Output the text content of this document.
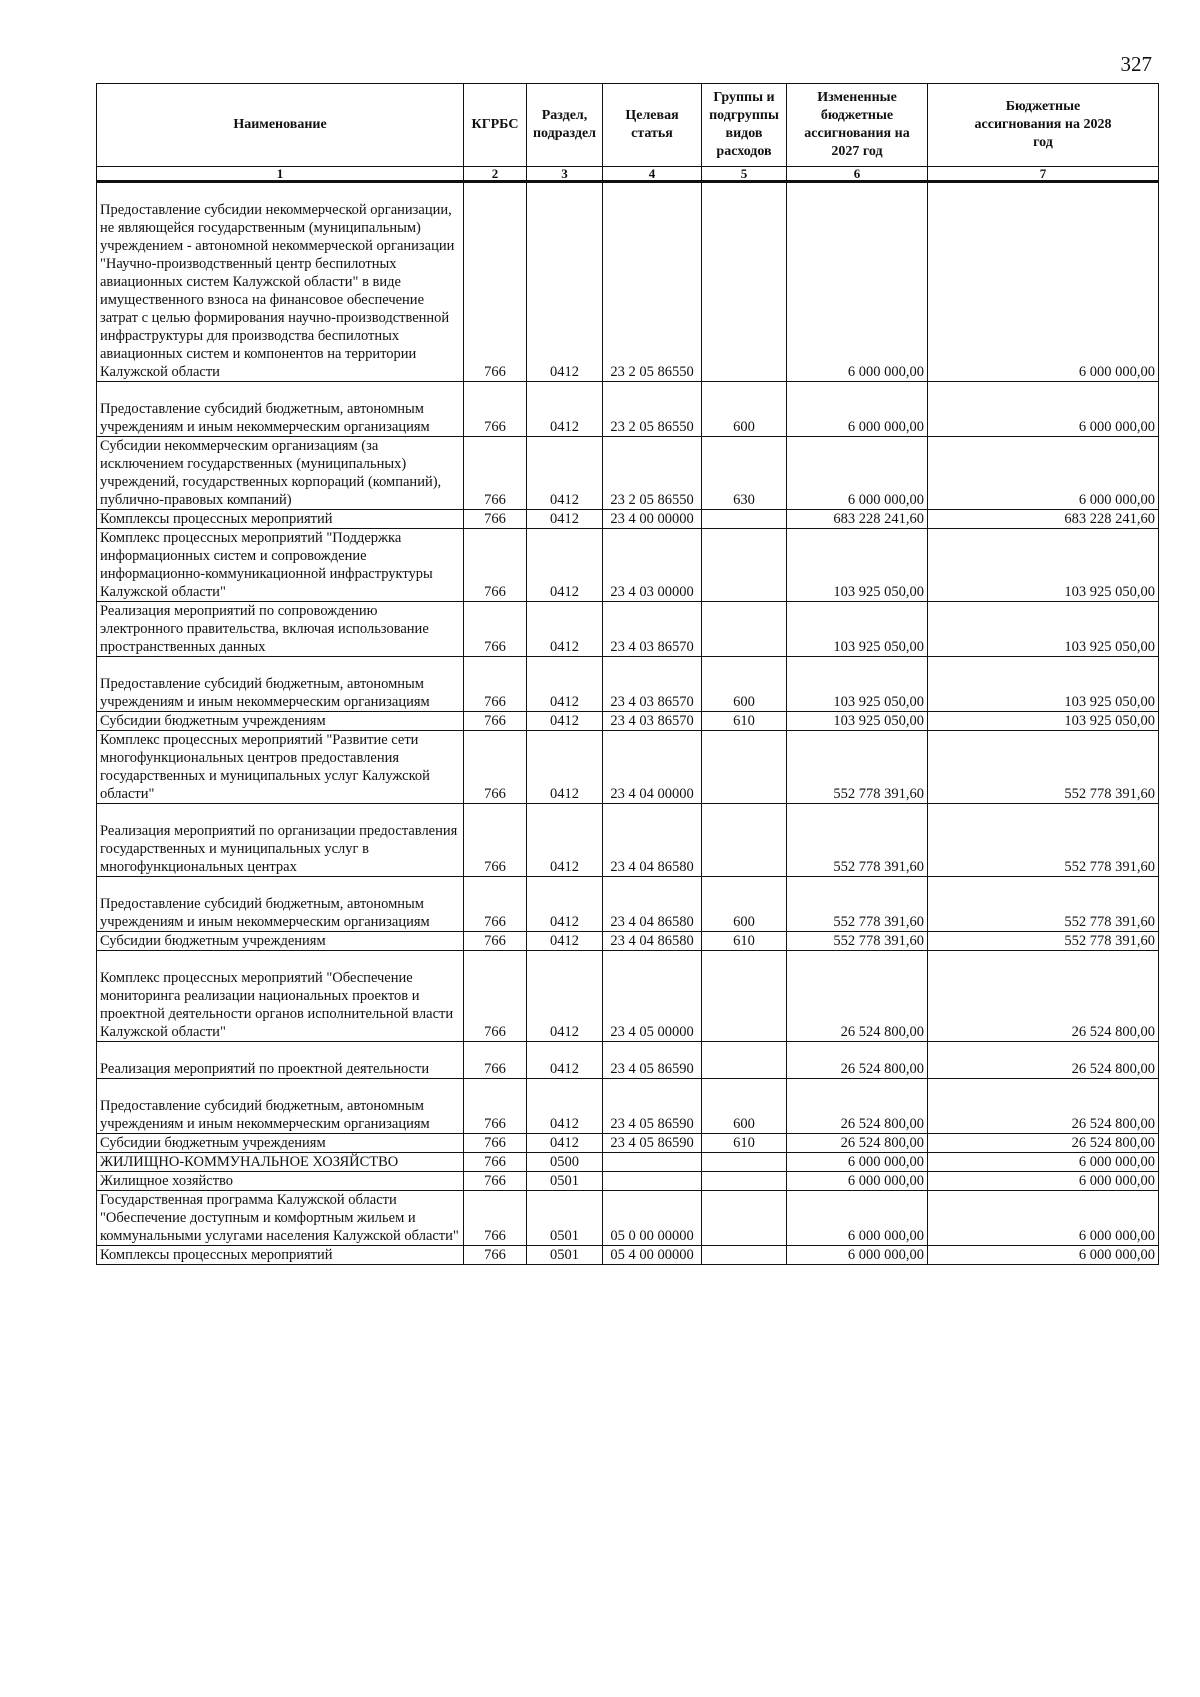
327
Наименование	КГРБС	Раздел, подраздел	Целевая статья	Группы и подгруппы видов расходов	Измененные бюджетные ассигнования на 2027 год	Бюджетные ассигнования на 2028 год
1	2	3	4	5	6	7

Предоставление субсидии некоммерческой организации, не являющейся государственным (муниципальным) учреждением - автономной некоммерческой организации "Научно-производственный центр беспилотных авиационных систем Калужской области" в виде имущественного взноса на финансовое обеспечение затрат с целью формирования научно-производственной инфраструктуры для производства беспилотных авиационных систем и компонентов на территории Калужской области	766	0412	23 2 05 86550		6 000 000,00	6 000 000,00

Предоставление субсидий бюджетным, автономным учреждениям и иным некоммерческим организациям	766	0412	23 2 05 86550	600	6 000 000,00	6 000 000,00
Субсидии некоммерческим организациям (за исключением государственных (муниципальных) учреждений, государственных корпораций (компаний), публично-правовых компаний)	766	0412	23 2 05 86550	630	6 000 000,00	6 000 000,00
Комплексы процессных мероприятий	766	0412	23 4 00 00000		683 228 241,60	683 228 241,60
Комплекс процессных мероприятий "Поддержка информационных систем и сопровождение информационно-коммуникационной инфраструктуры Калужской области"	766	0412	23 4 03 00000		103 925 050,00	103 925 050,00
Реализация мероприятий по сопровождению электронного правительства, включая использование пространственных данных	766	0412	23 4 03 86570		103 925 050,00	103 925 050,00

Предоставление субсидий бюджетным, автономным учреждениям и иным некоммерческим организациям	766	0412	23 4 03 86570	600	103 925 050,00	103 925 050,00
Субсидии бюджетным учреждениям	766	0412	23 4 03 86570	610	103 925 050,00	103 925 050,00
Комплекс процессных мероприятий "Развитие сети многофункциональных центров предоставления государственных и муниципальных услуг Калужской области"	766	0412	23 4 04 00000		552 778 391,60	552 778 391,60

Реализация мероприятий по организации предоставления государственных и муниципальных услуг в многофункциональных центрах	766	0412	23 4 04 86580		552 778 391,60	552 778 391,60

Предоставление субсидий бюджетным, автономным учреждениям и иным некоммерческим организациям	766	0412	23 4 04 86580	600	552 778 391,60	552 778 391,60
Субсидии бюджетным учреждениям	766	0412	23 4 04 86580	610	552 778 391,60	552 778 391,60

Комплекс процессных мероприятий "Обеспечение мониторинга реализации национальных проектов и проектной деятельности органов исполнительной власти Калужской области"	766	0412	23 4 05 00000		26 524 800,00	26 524 800,00

Реализация мероприятий по проектной деятельности	766	0412	23 4 05 86590		26 524 800,00	26 524 800,00

Предоставление субсидий бюджетным, автономным учреждениям и иным некоммерческим организациям	766	0412	23 4 05 86590	600	26 524 800,00	26 524 800,00
Субсидии бюджетным учреждениям	766	0412	23 4 05 86590	610	26 524 800,00	26 524 800,00
ЖИЛИЩНО-КОММУНАЛЬНОЕ ХОЗЯЙСТВО	766	0500			6 000 000,00	6 000 000,00
Жилищное хозяйство	766	0501			6 000 000,00	6 000 000,00
Государственная программа Калужской области "Обеспечение доступным и комфортным жильем и коммунальными услугами населения Калужской области"	766	0501	05 0 00 00000		6 000 000,00	6 000 000,00
Комплексы процессных мероприятий	766	0501	05 4 00 00000		6 000 000,00	6 000 000,00
